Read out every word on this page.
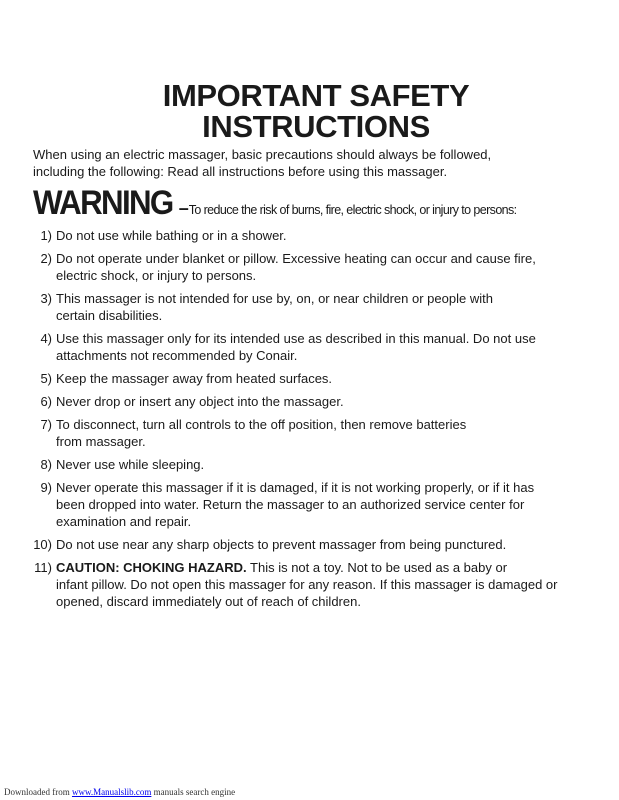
IMPORTANT SAFETY
INSTRUCTIONS

When using an electric massager, basic precautions should always be followed,
including the following: Read all instructions before using this massager.

WARNING –To reduce the risk of burns, fire, electric shock, or injury to persons:
1) Do not use while bathing or in a shower.
2) Do not operate under blanket or pillow. Excessive heating can occur and cause fire,
electric shock, or injury to persons.
3) This massager is not intended for use by, on, or near children or people with
certain disabilities.
4) Use this massager only for its intended use as described in this manual. Do not use
attachments not recommended by Conair.
5) Keep the massager away from heated surfaces.
6) Never drop or insert any object into the massager.
7) To disconnect, turn all controls to the off position, then remove batteries
from massager.
8) Never use while sleeping.
9) Never operate this massager if it is damaged, if it is not working properly, or if it has
been dropped into water. Return the massager to an authorized service center for
examination and repair.
10) Do not use near any sharp objects to prevent massager from being punctured.
11) CAUTION: CHOKING HAZARD. This is not a toy. Not to be used as a baby or
infant pillow. Do not open this massager for any reason. If this massager is damaged or
opened, discard immediately out of reach of children.
Downloaded from www.Manualslib.com manuals search engine
